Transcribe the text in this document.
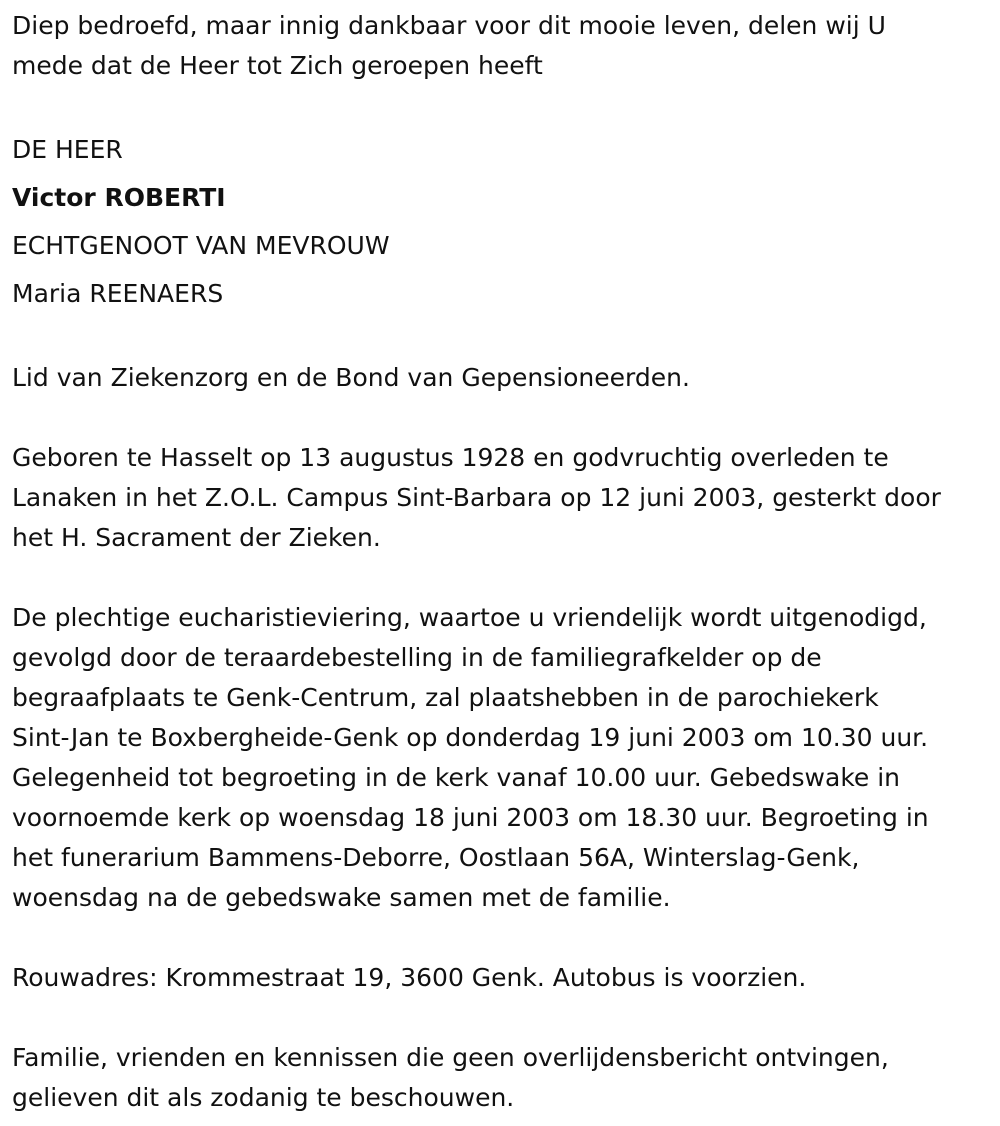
Diep bedroefd, maar innig dankbaar voor dit mooie leven, delen wij U

mede dat de Heer tot Zich geroepen heeft

DE HEER

Victor ROBERTI

ECHTGENOOT VAN MEVROUW

Maria REENAERS

Lid van Ziekenzorg en de Bond van Gepensioneerden.

Geboren te Hasselt op 13 augustus 1928 en godvruchtig overleden te

Lanaken in het Z.O.L. Campus Sint-Barbara op 12 juni 2003, gesterkt door

het H. Sacrament der Zieken.

De plechtige eucharistieviering, waartoe u vriendelijk wordt uitgenodigd,

gevolgd door de teraardebestelling in de familiegrafkelder op de

begraafplaats te Genk-Centrum, zal plaatshebben in de parochiekerk

Sint-Jan te Boxbergheide-Genk op donderdag 19 juni 2003 om 10.30 uur.

Gelegenheid tot begroeting in de kerk vanaf 10.00 uur. Gebedswake in

voornoemde kerk op woensdag 18 juni 2003 om 18.30 uur. Begroeting in

het funerarium Bammens-Deborre, Oostlaan 56A, Winterslag-Genk,

woensdag na de gebedswake samen met de familie.

Rouwadres: Krommestraat 19, 3600 Genk. Autobus is voorzien.

Familie, vrienden en kennissen die geen overlijdensbericht ontvingen,

gelieven dit als zodanig te beschouwen.
